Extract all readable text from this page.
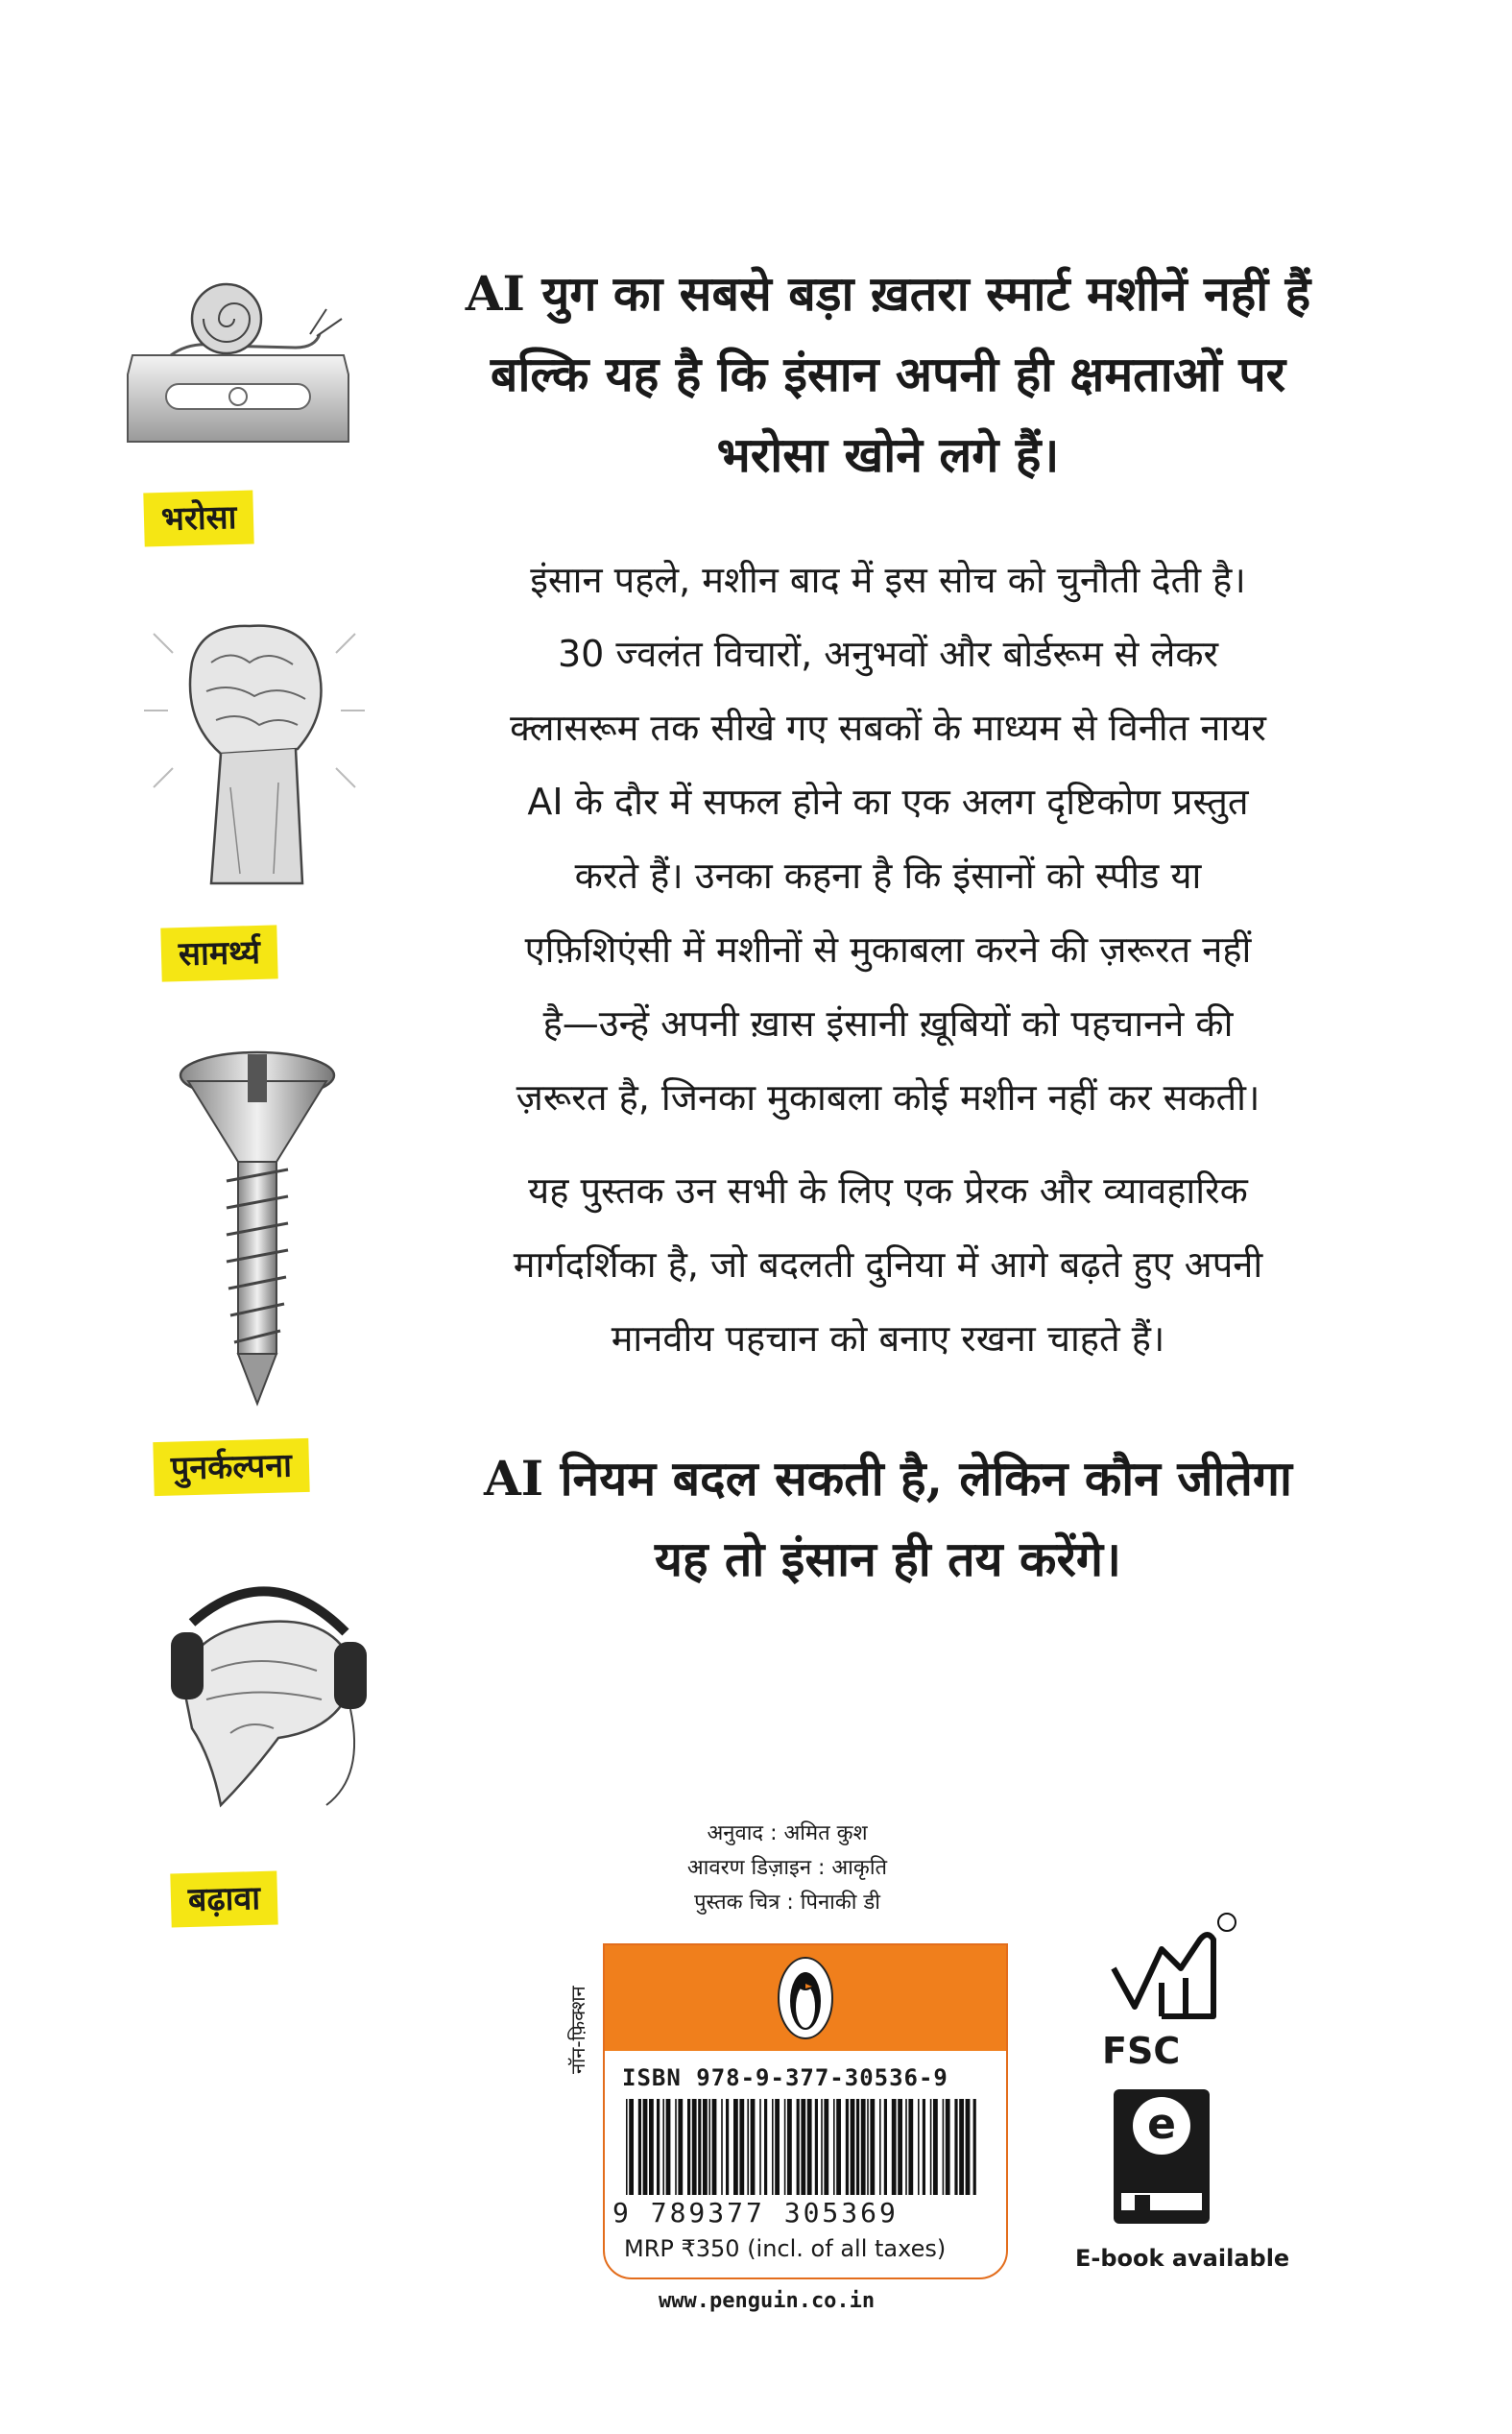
भरोसा
सामर्थ्य
पुनर्कल्पना
बढ़ावा
AI युग का सबसे बड़ा ख़तरा स्मार्ट मशीनें नहीं हैं
बल्कि यह है कि इंसान अपनी ही क्षमताओं पर
भरोसा खोने लगे हैं।

इंसान पहले, मशीन बाद में इस सोच को चुनौती देती है।

30 ज्वलंत विचारों, अनुभवों और बोर्डरूम से लेकर

क्लासरूम तक सीखे गए सबकों के माध्यम से विनीत नायर

AI के दौर में सफल होने का एक अलग दृष्टिकोण प्रस्तुत

करते हैं। उनका कहना है कि इंसानों को स्पीड या

एफ़िशिएंसी में मशीनों से मुकाबला करने की ज़रूरत नहीं

है—उन्हें अपनी ख़ास इंसानी ख़ूबियों को पहचानने की

ज़रूरत है, जिनका मुकाबला कोई मशीन नहीं कर सकती।

यह पुस्तक उन सभी के लिए एक प्रेरक और व्यावहारिक

मार्गदर्शिका है, जो बदलती दुनिया में आगे बढ़ते हुए अपनी

मानवीय पहचान को बनाए रखना चाहते हैं।

AI नियम बदल सकती है, लेकिन कौन जीतेगा
यह तो इंसान ही तय करेंगे।
अनुवाद : अमित कुश
आवरण डिज़ाइन : आकृति
पुस्तक चित्र : पिनाकी डी
नॉन-फ़िक्शन
ISBN 978-9-377-30536-9
9 789377 305369
MRP ₹350 (incl. of all taxes)
www.penguin.co.in
FSC
e
E-book available
